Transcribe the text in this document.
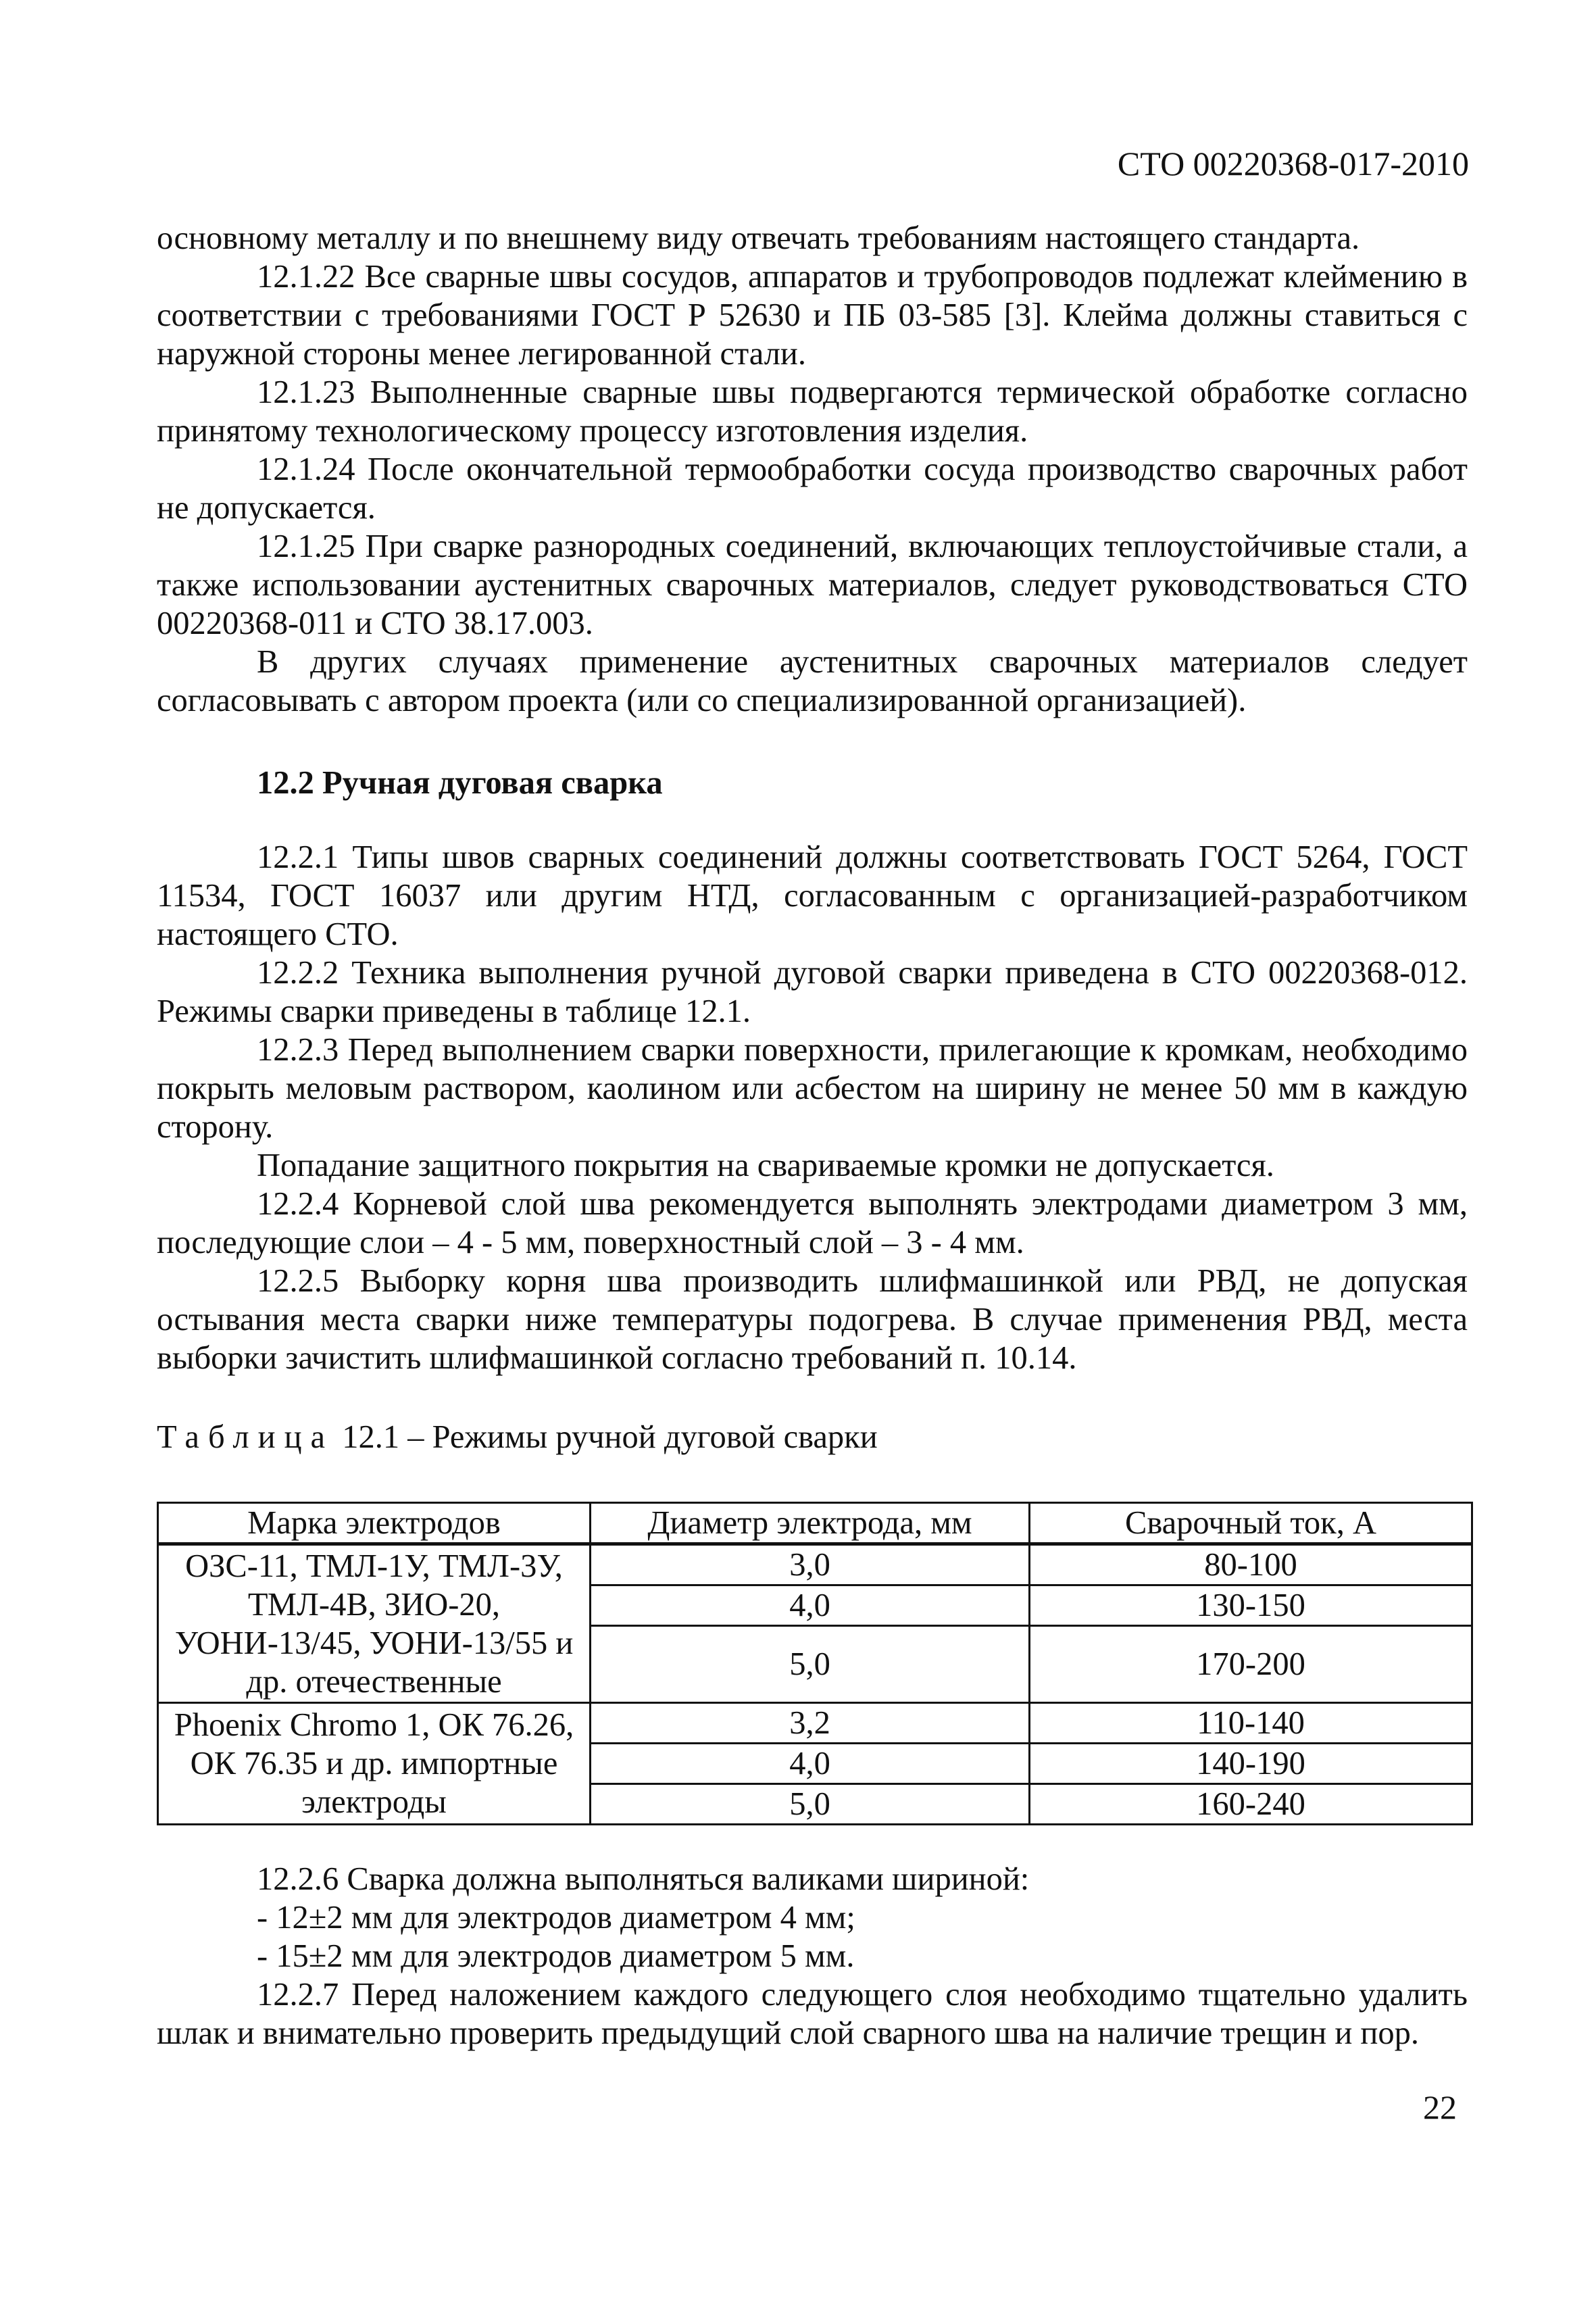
СТО 00220368-017-2010

основному металлу и по внешнему виду отвечать требованиям настоящего стандарта.

12.1.22 Все сварные швы сосудов, аппаратов и трубопроводов подлежат клеймению в соответствии с требованиями ГОСТ Р 52630 и ПБ 03-585 [3]. Клейма должны ставиться с наружной стороны менее легированной стали.

12.1.23 Выполненные сварные швы подвергаются термической обработке согласно принятому технологическому процессу изготовления изделия.

12.1.24 После окончательной термообработки сосуда производство сварочных работ не допускается.

12.1.25 При сварке разнородных соединений, включающих теплоустойчивые стали, а также использовании аустенитных сварочных материалов, следует руководствоваться СТО 00220368-011 и СТО 38.17.003.

В других случаях применение аустенитных сварочных материалов следует согласовывать с автором проекта (или со специализированной организацией).

12.2 Ручная дуговая сварка

12.2.1 Типы швов сварных соединений должны соответствовать ГОСТ 5264, ГОСТ 11534, ГОСТ 16037 или другим НТД, согласованным с организацией-разработчиком настоящего СТО.

12.2.2 Техника выполнения ручной дуговой сварки приведена в СТО 00220368-012. Режимы сварки приведены в таблице 12.1.

12.2.3 Перед выполнением сварки поверхности, прилегающие к кромкам, необходимо покрыть меловым раствором, каолином или асбестом на ширину не менее 50 мм в каждую сторону.

Попадание защитного покрытия на свариваемые кромки не допускается.

12.2.4 Корневой слой шва рекомендуется выполнять электродами диаметром 3 мм, последующие слои – 4 - 5 мм, поверхностный слой – 3 - 4 мм.

12.2.5 Выборку корня шва производить шлифмашинкой или РВД, не допуская остывания места сварки ниже температуры подогрева. В случае применения РВД, места выборки зачистить шлифмашинкой согласно требований п. 10.14.

Таблица 12.1 – Режимы ручной дуговой сварки
Марка электродов	Диаметр электрода, мм	Сварочный ток, А
ОЗС-11, ТМЛ-1У, ТМЛ-3У, ТМЛ-4В, ЗИО-20, УОНИ-13/45, УОНИ-13/55 и др. отечественные	3,0	80-100
	4,0	130-150
	5,0	170-200
Phoenix Chromo 1, ОК 76.26, ОК 76.35 и др. импортные электроды	3,2	110-140
	4,0	140-190
	5,0	160-240

12.2.6 Сварка должна выполняться валиками шириной:

- 12±2 мм для электродов диаметром 4 мм;

- 15±2 мм для электродов диаметром 5 мм.

12.2.7 Перед наложением каждого следующего слоя необходимо тщательно удалить шлак и внимательно проверить предыдущий слой сварного шва на наличие трещин и пор.

22
